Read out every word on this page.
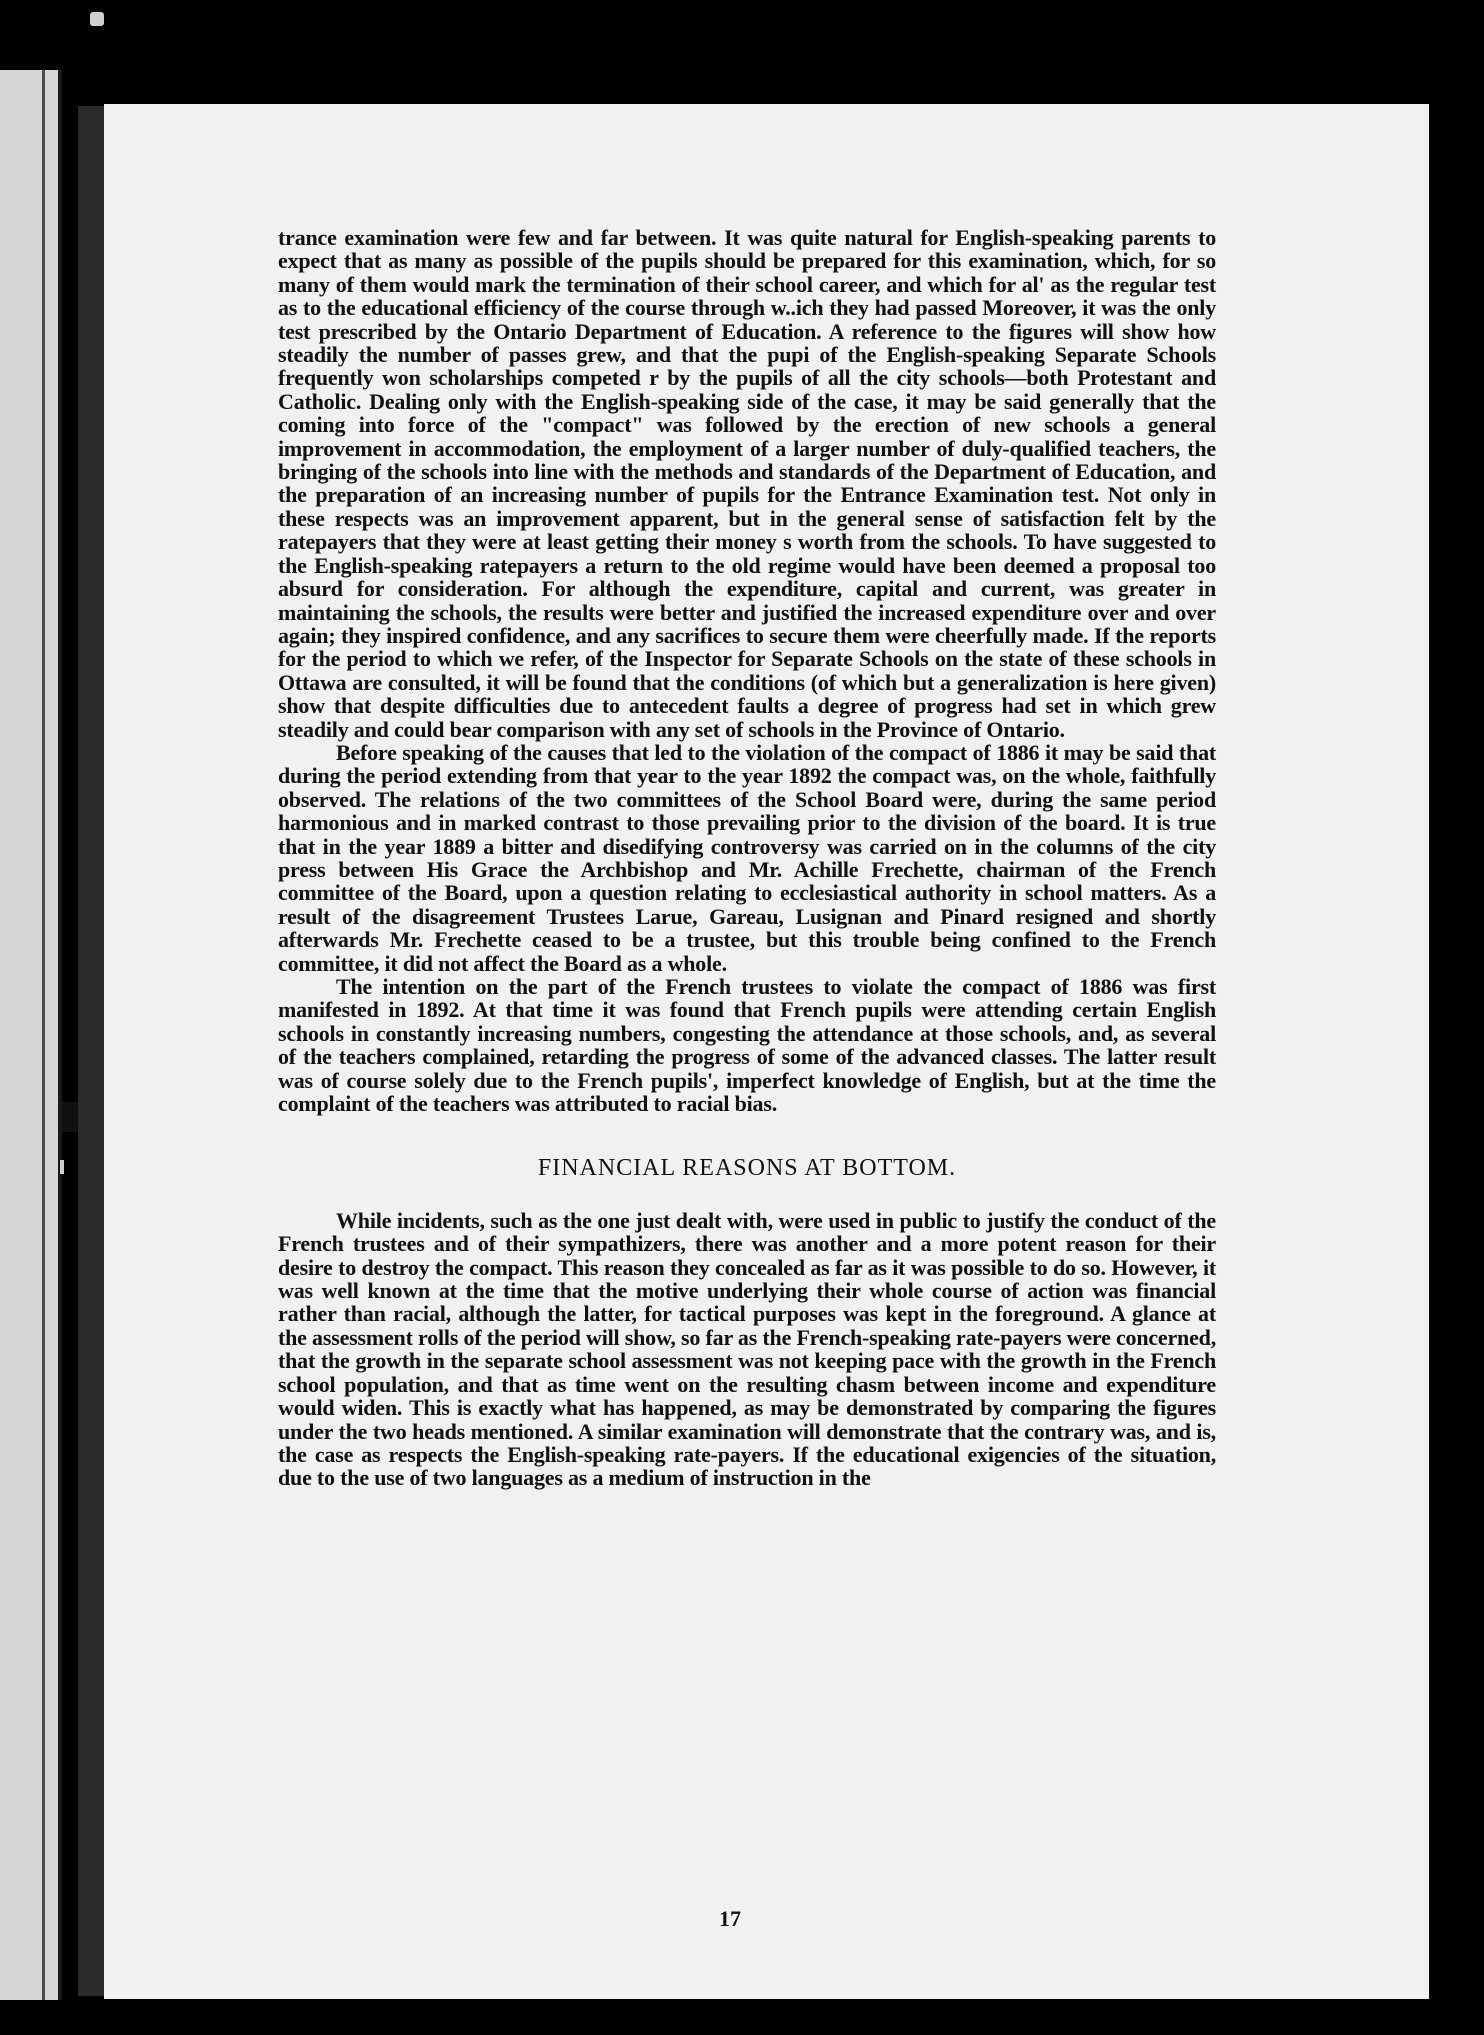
trance examination were few and far between. It was quite natural for English-speaking parents to expect that as many as possible of the pupils should be prepared for this examination, which, for so many of them would mark the termination of their school career, and which for al' as the regular test as to the educational efficiency of the course through w..ich they had passed Moreover, it was the only test prescribed by the Ontario Department of Education. A reference to the figures will show how steadily the number of passes grew, and that the pupi of the English-speaking Separate Schools frequently won scholarships competed r by the pupils of all the city schools—both Protestant and Catholic. Dealing only with the English-speaking side of the case, it may be said generally that the coming into force of the "compact" was followed by the erection of new schools a general improvement in accommodation, the employment of a larger number of duly-qualified teachers, the bringing of the schools into line with the methods and standards of the Department of Education, and the preparation of an increasing number of pupils for the Entrance Examination test. Not only in these respects was an improvement apparent, but in the general sense of satisfaction felt by the ratepayers that they were at least getting their money s worth from the schools. To have suggested to the English-speaking ratepayers a return to the old regime would have been deemed a proposal too absurd for consideration. For although the expenditure, capital and current, was greater in maintaining the schools, the results were better and justified the increased expenditure over and over again; they inspired confidence, and any sacrifices to secure them were cheerfully made. If the reports for the period to which we refer, of the Inspector for Separate Schools on the state of these schools in Ottawa are consulted, it will be found that the conditions (of which but a generalization is here given) show that despite difficulties due to antecedent faults a degree of progress had set in which grew steadily and could bear comparison with any set of schools in the Province of Ontario.

Before speaking of the causes that led to the violation of the compact of 1886 it may be said that during the period extending from that year to the year 1892 the compact was, on the whole, faithfully observed. The relations of the two committees of the School Board were, during the same period harmonious and in marked contrast to those prevailing prior to the division of the board. It is true that in the year 1889 a bitter and disedifying controversy was carried on in the columns of the city press between His Grace the Archbishop and Mr. Achille Frechette, chairman of the French committee of the Board, upon a question relating to ecclesiastical authority in school matters. As a result of the disagreement Trustees Larue, Gareau, Lusignan and Pinard resigned and shortly afterwards Mr. Frechette ceased to be a trustee, but this trouble being confined to the French committee, it did not affect the Board as a whole.

The intention on the part of the French trustees to violate the compact of 1886 was first manifested in 1892. At that time it was found that French pupils were attending certain English schools in constantly increasing numbers, congesting the attendance at those schools, and, as several of the teachers complained, retarding the progress of some of the advanced classes. The latter result was of course solely due to the French pupils', imperfect knowledge of English, but at the time the complaint of the teachers was attributed to racial bias.

FINANCIAL REASONS AT BOTTOM.

While incidents, such as the one just dealt with, were used in public to justify the conduct of the French trustees and of their sympathizers, there was another and a more potent reason for their desire to destroy the compact. This reason they concealed as far as it was possible to do so. However, it was well known at the time that the motive underlying their whole course of action was financial rather than racial, although the latter, for tactical purposes was kept in the foreground. A glance at the assessment rolls of the period will show, so far as the French-speaking rate-payers were concerned, that the growth in the separate school assessment was not keeping pace with the growth in the French school population, and that as time went on the resulting chasm between income and expenditure would widen. This is exactly what has happened, as may be demonstrated by comparing the figures under the two heads mentioned. A similar examination will demonstrate that the contrary was, and is, the case as respects the English-speaking rate-payers. If the educational exigencies of the situation, due to the use of two languages as a medium of instruction in the

17
